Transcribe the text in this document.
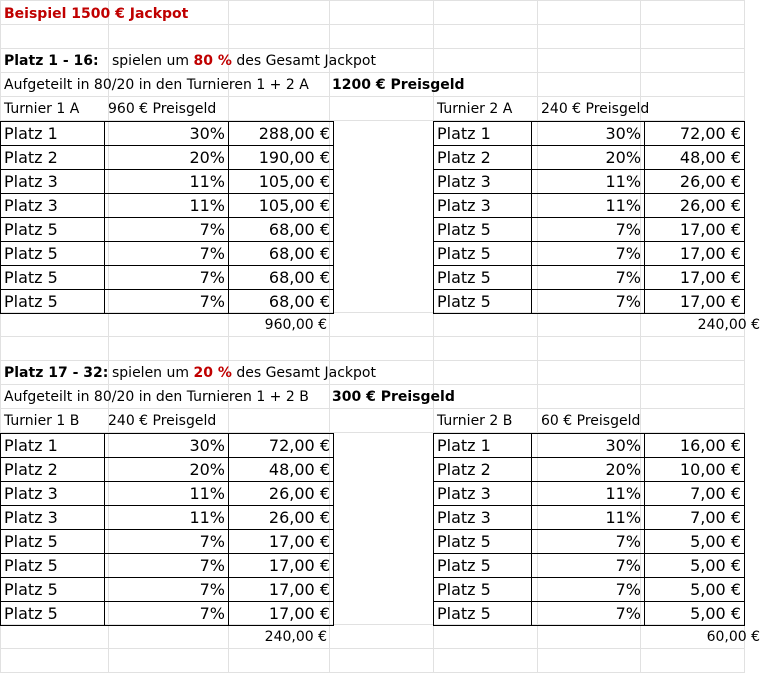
Beispiel 1500 € Jackpot
Platz 1 - 16: spielen um 80 % des Gesamt Jackpot
Aufgeteilt in 80/20 in den Turnieren 1 + 2 A 1200 € Preisgeld
Platz 17 - 32: spielen um 20 % des Gesamt Jackpot
Aufgeteilt in 80/20 in den Turnieren 1 + 2 B 300 € Preisgeld
Turnier 1 A 960 € Preisgeld
Platz 1	30%	288,00 €
Platz 2	20%	190,00 €
Platz 3	11%	105,00 €
Platz 3	11%	105,00 €
Platz 5	7%	68,00 €
Platz 5	7%	68,00 €
Platz 5	7%	68,00 €
Platz 5	7%	68,00 €
960,00 €
Turnier 2 A 240 € Preisgeld
Platz 1	30%	72,00 €
Platz 2	20%	48,00 €
Platz 3	11%	26,00 €
Platz 3	11%	26,00 €
Platz 5	7%	17,00 €
Platz 5	7%	17,00 €
Platz 5	7%	17,00 €
Platz 5	7%	17,00 €
240,00 €
Turnier 1 B 240 € Preisgeld
Platz 1	30%	72,00 €
Platz 2	20%	48,00 €
Platz 3	11%	26,00 €
Platz 3	11%	26,00 €
Platz 5	7%	17,00 €
Platz 5	7%	17,00 €
Platz 5	7%	17,00 €
Platz 5	7%	17,00 €
240,00 €
Turnier 2 B 60 € Preisgeld
Platz 1	30%	16,00 €
Platz 2	20%	10,00 €
Platz 3	11%	7,00 €
Platz 3	11%	7,00 €
Platz 5	7%	5,00 €
Platz 5	7%	5,00 €
Platz 5	7%	5,00 €
Platz 5	7%	5,00 €
60,00 €
